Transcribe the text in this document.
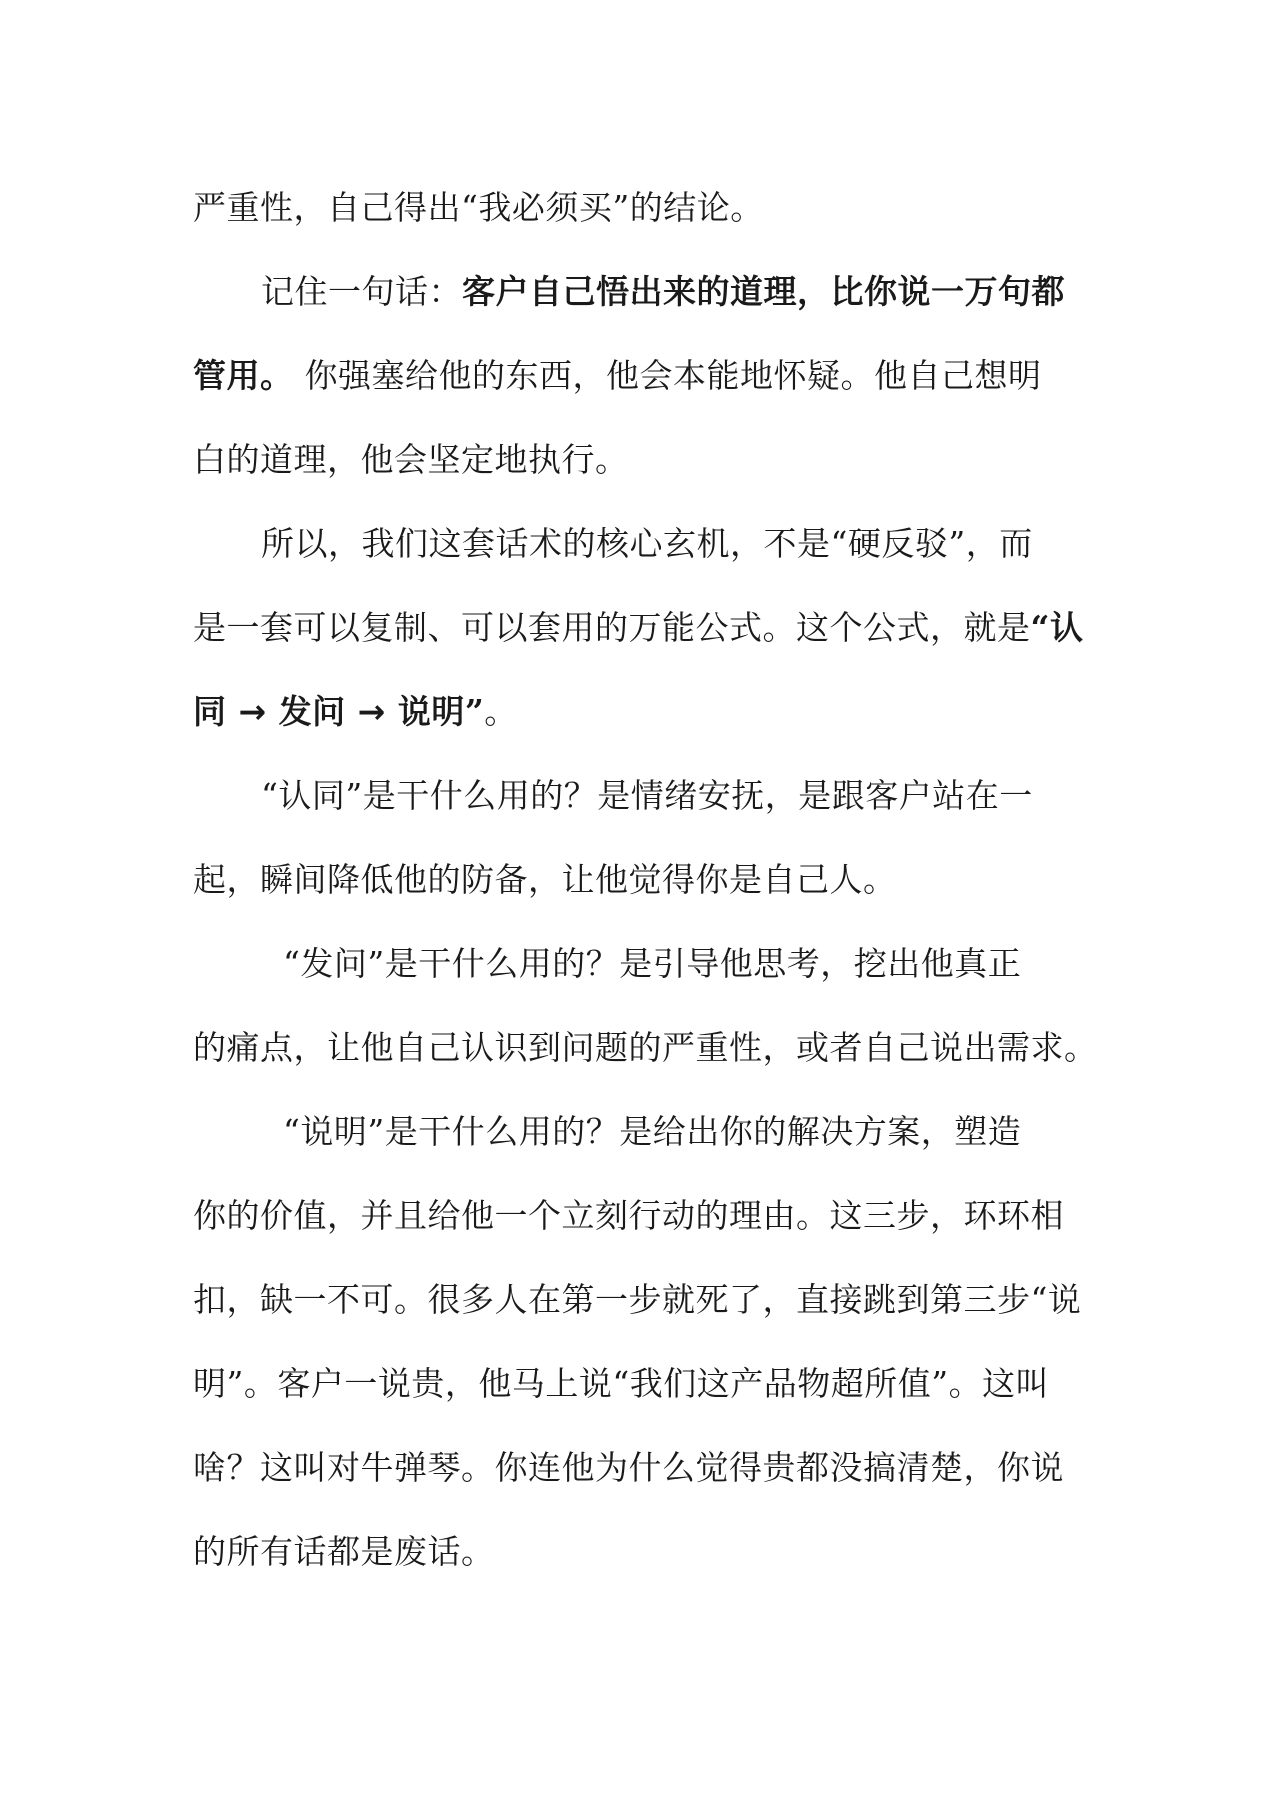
严重性，自己得出“我必须买”的结论。
记住一句话：客户自己悟出来的道理，比你说一万句都
管用。 你强塞给他的东西，他会本能地怀疑。他自己想明
白的道理，他会坚定地执行。
所以，我们这套话术的核心玄机，不是“硬反驳”，而
是一套可以复制、可以套用的万能公式。这个公式，就是“认
同 → 发问 → 说明”。
“认同”是干什么用的？是情绪安抚，是跟客户站在一
起，瞬间降低他的防备，让他觉得你是自己人。
“发问”是干什么用的？是引导他思考，挖出他真正
的痛点，让他自己认识到问题的严重性，或者自己说出需求。
“说明”是干什么用的？是给出你的解决方案，塑造
你的价值，并且给他一个立刻行动的理由。这三步，环环相
扣，缺一不可。很多人在第一步就死了，直接跳到第三步“说
明”。客户一说贵，他马上说“我们这产品物超所值”。这叫
啥？这叫对牛弹琴。你连他为什么觉得贵都没搞清楚，你说
的所有话都是废话。
